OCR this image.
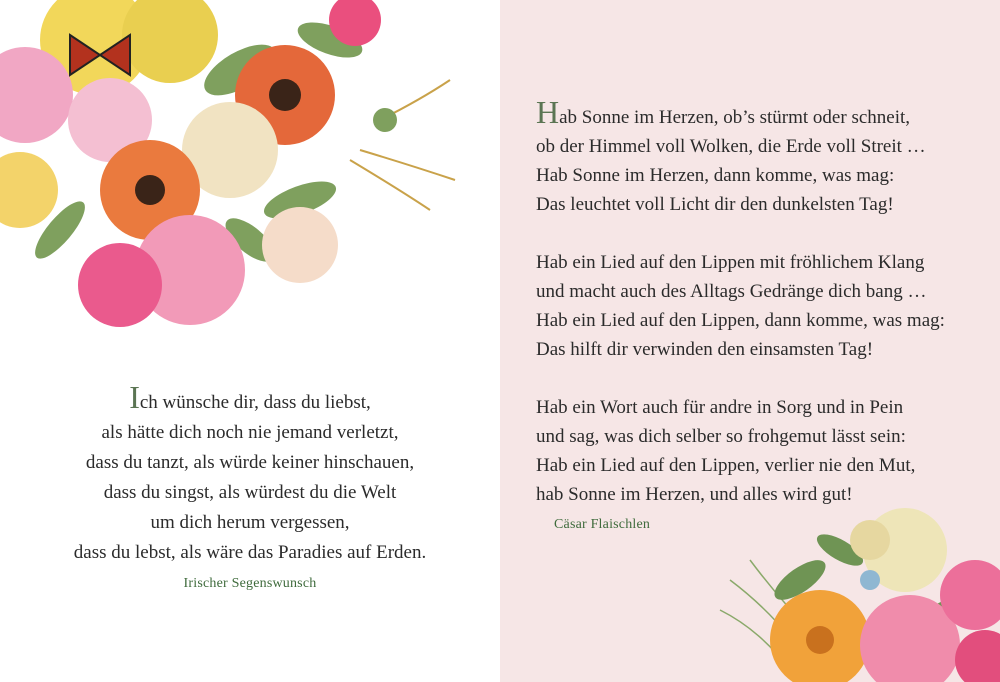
Ich wünsche dir, dass du liebst,
als hätte dich noch nie jemand verletzt,
dass du tanzt, als würde keiner hinschauen,
dass du singst, als würdest du die Welt
um dich herum vergessen,
dass du lebst, als wäre das Paradies auf Erden.
Irischer Segenswunsch
Hab Sonne im Herzen, ob’s stürmt oder schneit,
ob der Himmel voll Wolken, die Erde voll Streit …
Hab Sonne im Herzen, dann komme, was mag:
Das leuchtet voll Licht dir den dunkelsten Tag!
Hab ein Lied auf den Lippen mit fröhlichem Klang
und macht auch des Alltags Gedränge dich bang …
Hab ein Lied auf den Lippen, dann komme, was mag:
Das hilft dir verwinden den einsamsten Tag!
Hab ein Wort auch für andre in Sorg und in Pein
und sag, was dich selber so frohgemut lässt sein:
Hab ein Lied auf den Lippen, verlier nie den Mut,
hab Sonne im Herzen, und alles wird gut!
Cäsar Flaischlen
